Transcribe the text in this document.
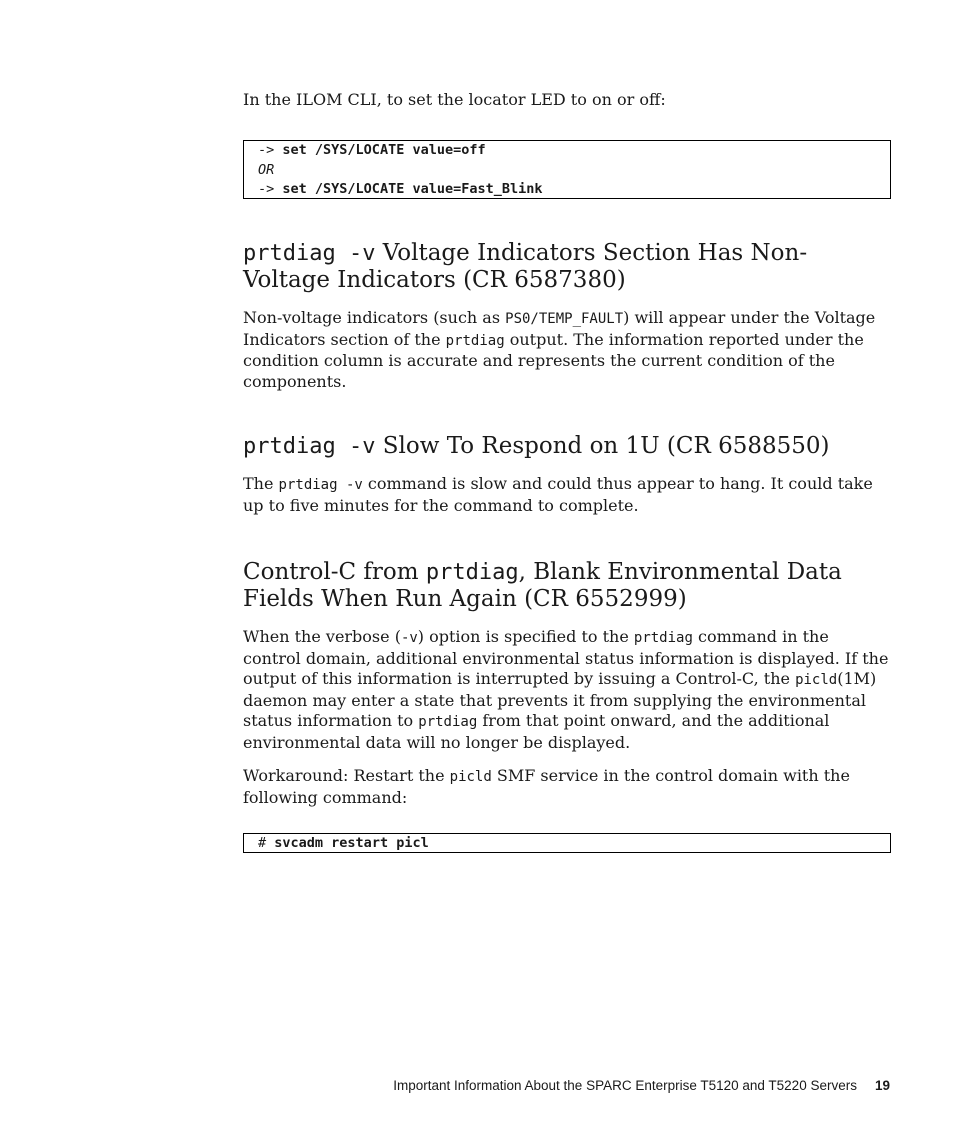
In the ILOM CLI, to set the locator LED to on or off:

-> set /SYS/LOCATE value=off
OR
-> set /SYS/LOCATE value=Fast_Blink
prtdiag -v Voltage Indicators Section Has Non-Voltage Indicators (CR 6587380)

Non-voltage indicators (such as PS0/TEMP_FAULT) will appear under the Voltage Indicators section of the prtdiag output. The information reported under the condition column is accurate and represents the current condition of the components.

prtdiag -v Slow To Respond on 1U (CR 6588550)

The prtdiag -v command is slow and could thus appear to hang. It could take up to five minutes for the command to complete.

Control-C from prtdiag, Blank Environmental Data Fields When Run Again (CR 6552999)

When the verbose (-v) option is specified to the prtdiag command in the control domain, additional environmental status information is displayed. If the output of this information is interrupted by issuing a Control-C, the picld(1M) daemon may enter a state that prevents it from supplying the environmental status information to prtdiag from that point onward, and the additional environmental data will no longer be displayed.

Workaround: Restart the picld SMF service in the control domain with the following command:

# svcadm restart picl
Important Information About the SPARC Enterprise T5120 and T5220 Servers 19
